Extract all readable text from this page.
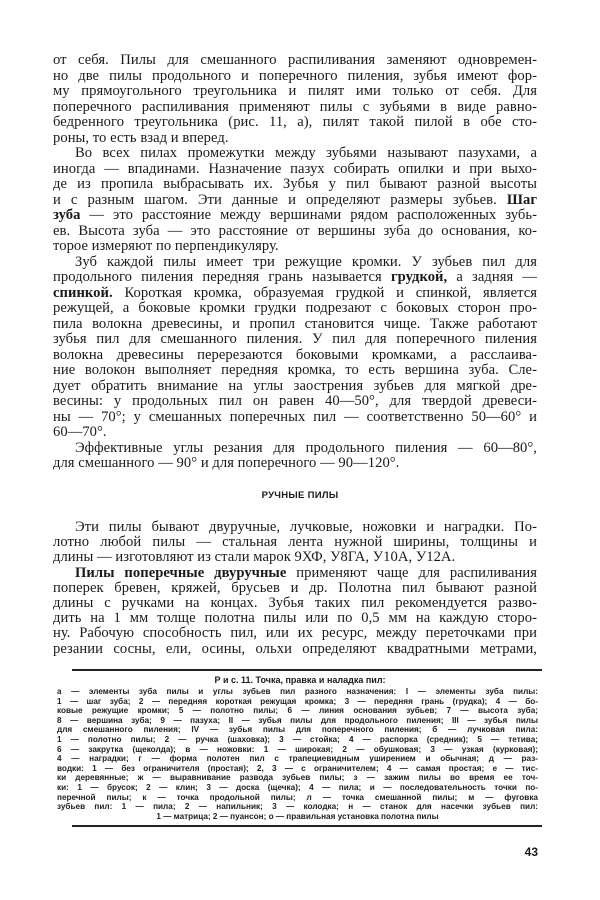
от себя. Пилы для смешанного распиливания заменяют одновремен-
но две пилы продольного и поперечного пиления, зубья имеют фор-
му прямоугольного треугольника и пилят ими только от себя. Для
поперечного распиливания применяют пилы с зубьями в виде равно-
бедренного треугольника (рис. 11, а), пилят такой пилой в обе сто-
роны, то есть взад и вперед.
Во всех пилах промежутки между зубьями называют пазухами, а
иногда — впадинами. Назначение пазух собирать опилки и при выхо-
де из пропила выбрасывать их. Зубья у пил бывают разной высоты
и с разным шагом. Эти данные и определяют размеры зубьев. Шаг
зуба — это расстояние между вершинами рядом расположенных зубь-
ев. Высота зуба — это расстояние от вершины зуба до основания, ко-
торое измеряют по перпендикуляру.
Зуб каждой пилы имеет три режущие кромки. У зубьев пил для
продольного пиления передняя грань называется грудкой, а задняя —
спинкой. Короткая кромка, образуемая грудкой и спинкой, является
режущей, а боковые кромки грудки подрезают с боковых сторон про-
пила волокна древесины, и пропил становится чище. Также работают
зубья пил для смешанного пиления. У пил для поперечного пиления
волокна древесины перерезаются боковыми кромками, а расслаива-
ние волокон выполняет передняя кромка, то есть вершина зуба. Сле-
дует обратить внимание на углы заострения зубьев для мягкой дре-
весины: у продольных пил он равен 40—50°, для твердой древеси-
ны — 70°; у смешанных поперечных пил — соответственно 50—60° и
60—70°.
Эффективные углы резания для продольного пиления — 60—80°,
для смешанного — 90° и для поперечного — 90—120°.
Эти пилы бывают двуручные, лучковые, ножовки и наградки. По-
лотно любой пилы — стальная лента нужной ширины, толщины и
длины — изготовляют из стали марок 9ХФ, У8ГА, У10А, У12А.
Пилы поперечные двуручные применяют чаще для распиливания
поперек бревен, кряжей, брусьев и др. Полотна пил бывают разной
длины с ручками на концах. Зубья таких пил рекомендуется разво-
дить на 1 мм толще полотна пилы или по 0,5 мм на каждую сторо-
ну. Рабочую способность пил, или их ресурс, между переточками при
резании сосны, ели, осины, ольхи определяют квадратными метрами,
РУЧНЫЕ ПИЛЫ
Р и с. 11. Точка, правка и наладка пил:
а — элементы зуба пилы и углы зубьев пил разного назначения: I — элементы зуба пилы:
1 — шаг зуба; 2 — передняя короткая режущая кромка; 3 — передняя грань (грудка); 4 — бо-
ковые режущие кромки; 5 — полотно пилы; 6 — линия основания зубьев; 7 — высота зуба;
8 — вершина зуба; 9 — пазуха; II — зубья пилы для продольного пиления; III — зубья пилы
для смешанного пиления; IV — зубья пилы для поперечного пиления; б — лучковая пила:
1 — полотно пилы; 2 — ручка (шаховка); 3 — стойка; 4 — распорка (средник); 5 — тетива;
6 — закрутка (щеколда); в — ножовки: 1 — широкая; 2 — обушковая; 3 — узкая (курковая);
4 — наградки; г — форма полотен пил с трапециевидным уширением и обычная; д — раз-
водки: 1 — без ограничителя (простая); 2, 3 — с ограничителем; 4 — самая простая; е — тис-
ки деревянные; ж — выравнивание развода зубьев пилы; з — зажим пилы во время ее точ-
ки: 1 — брусок; 2 — клин; 3 — доска (щечка); 4 — пила; и — последовательность точки по-
перечной пилы; к — точка продольной пилы; л — точка смешанной пилы; м — фуговка
зубьев пил: 1 — пила; 2 — напильник; 3 — колодка; н — станок для насечки зубьев пил:
1 — матрица; 2 — пуансон; о — правильная установка полотна пилы
43
